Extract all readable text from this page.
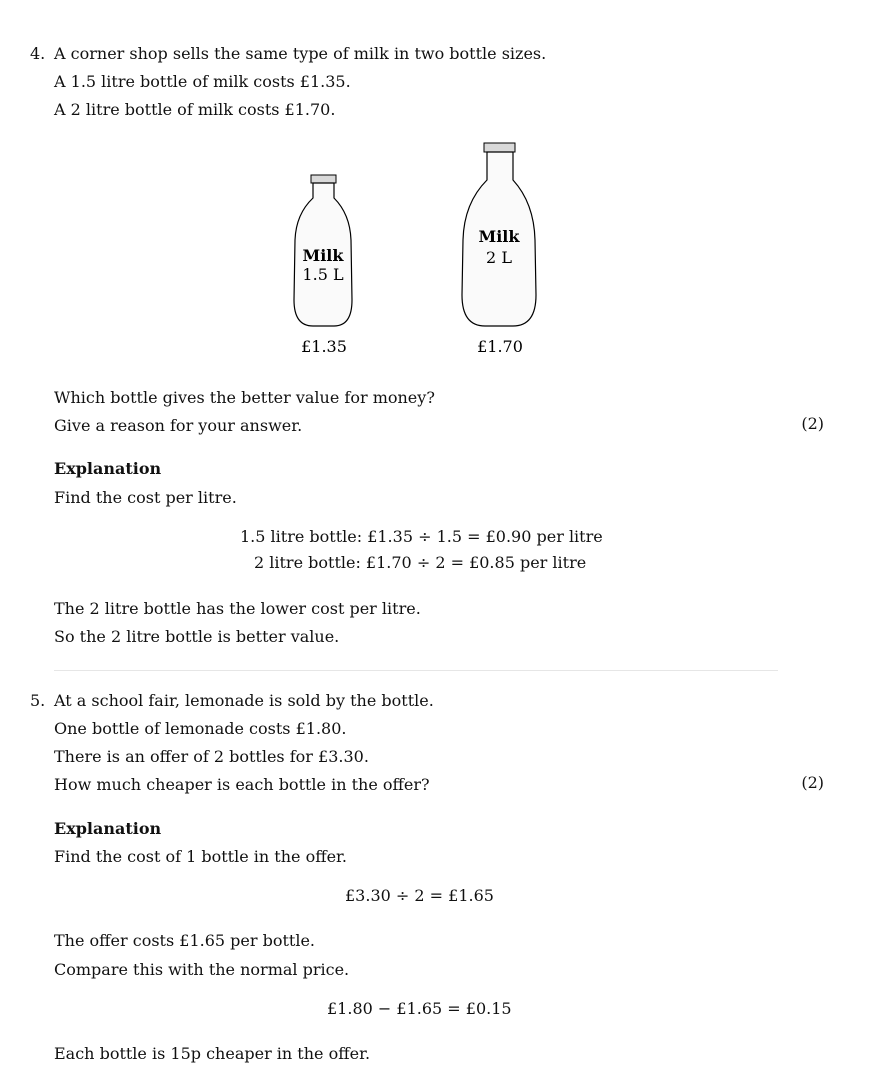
4. A corner shop sells the same type of milk in two bottle sizes.
A 1.5 litre bottle of milk costs £1.35.
A 2 litre bottle of milk costs £1.70.
Milk
1.5 L
Milk
2 L
£1.35	£1.70
Which bottle gives the better value for money?
Give a reason for your answer.	(2)
Explanation
Find the cost per litre.
1.5 litre bottle: £1.35 ÷ 1.5 = £0.90 per litre
2 litre bottle: £1.70 ÷ 2 = £0.85 per litre
The 2 litre bottle has the lower cost per litre.
So the 2 litre bottle is better value.
5. At a school fair, lemonade is sold by the bottle.
One bottle of lemonade costs £1.80.
There is an offer of 2 bottles for £3.30.
How much cheaper is each bottle in the offer?	(2)
Explanation
Find the cost of 1 bottle in the offer.
£3.30 ÷ 2 = £1.65
The offer costs £1.65 per bottle.
Compare this with the normal price.
£1.80 − £1.65 = £0.15
Each bottle is 15p cheaper in the offer.
